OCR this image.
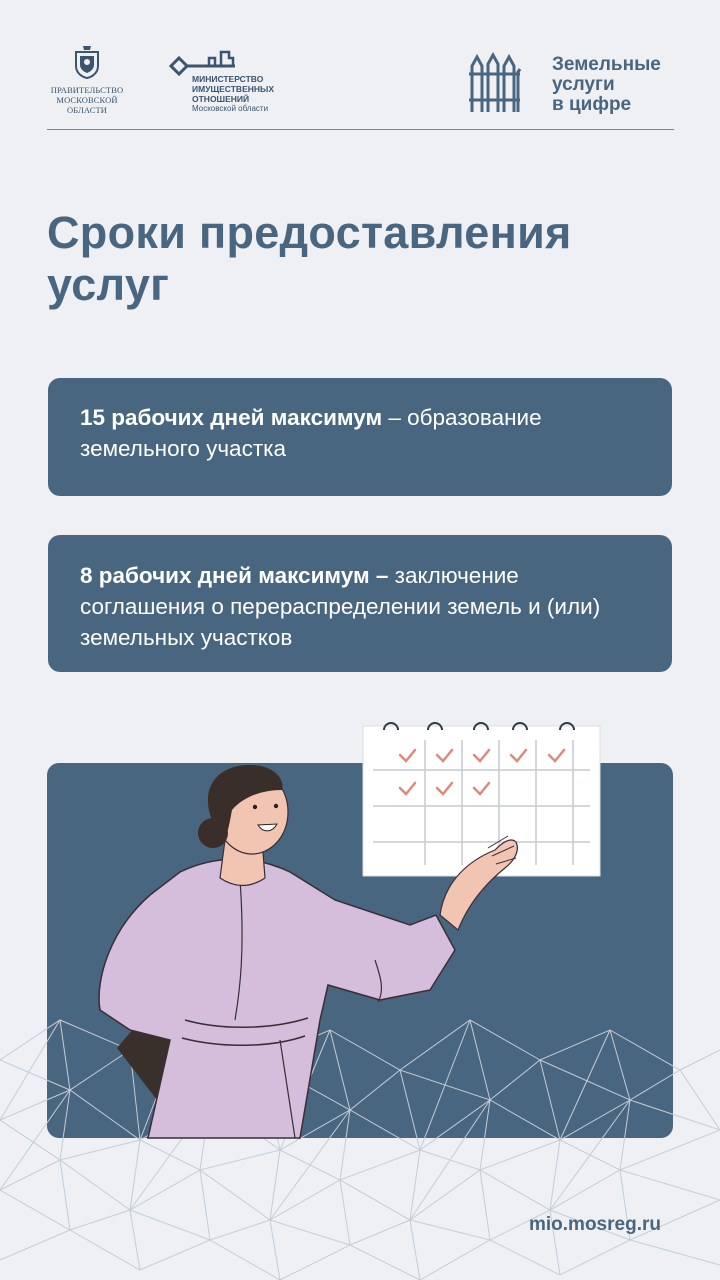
ПРАВИТЕЛЬСТВО
МОСКОВСКОЙ
ОБЛАСТИ
МИНИСТЕРСТВО
ИМУЩЕСТВЕННЫХ
ОТНОШЕНИЙ
Московской области
Земельные
услуги
в цифре
Сроки предоставления
услуг
15 рабочих дней максимум – образование земельного участка
8 рабочих дней максимум – заключение соглашения о перераспределении земель и (или) земельных участков
mio.mosreg.ru
